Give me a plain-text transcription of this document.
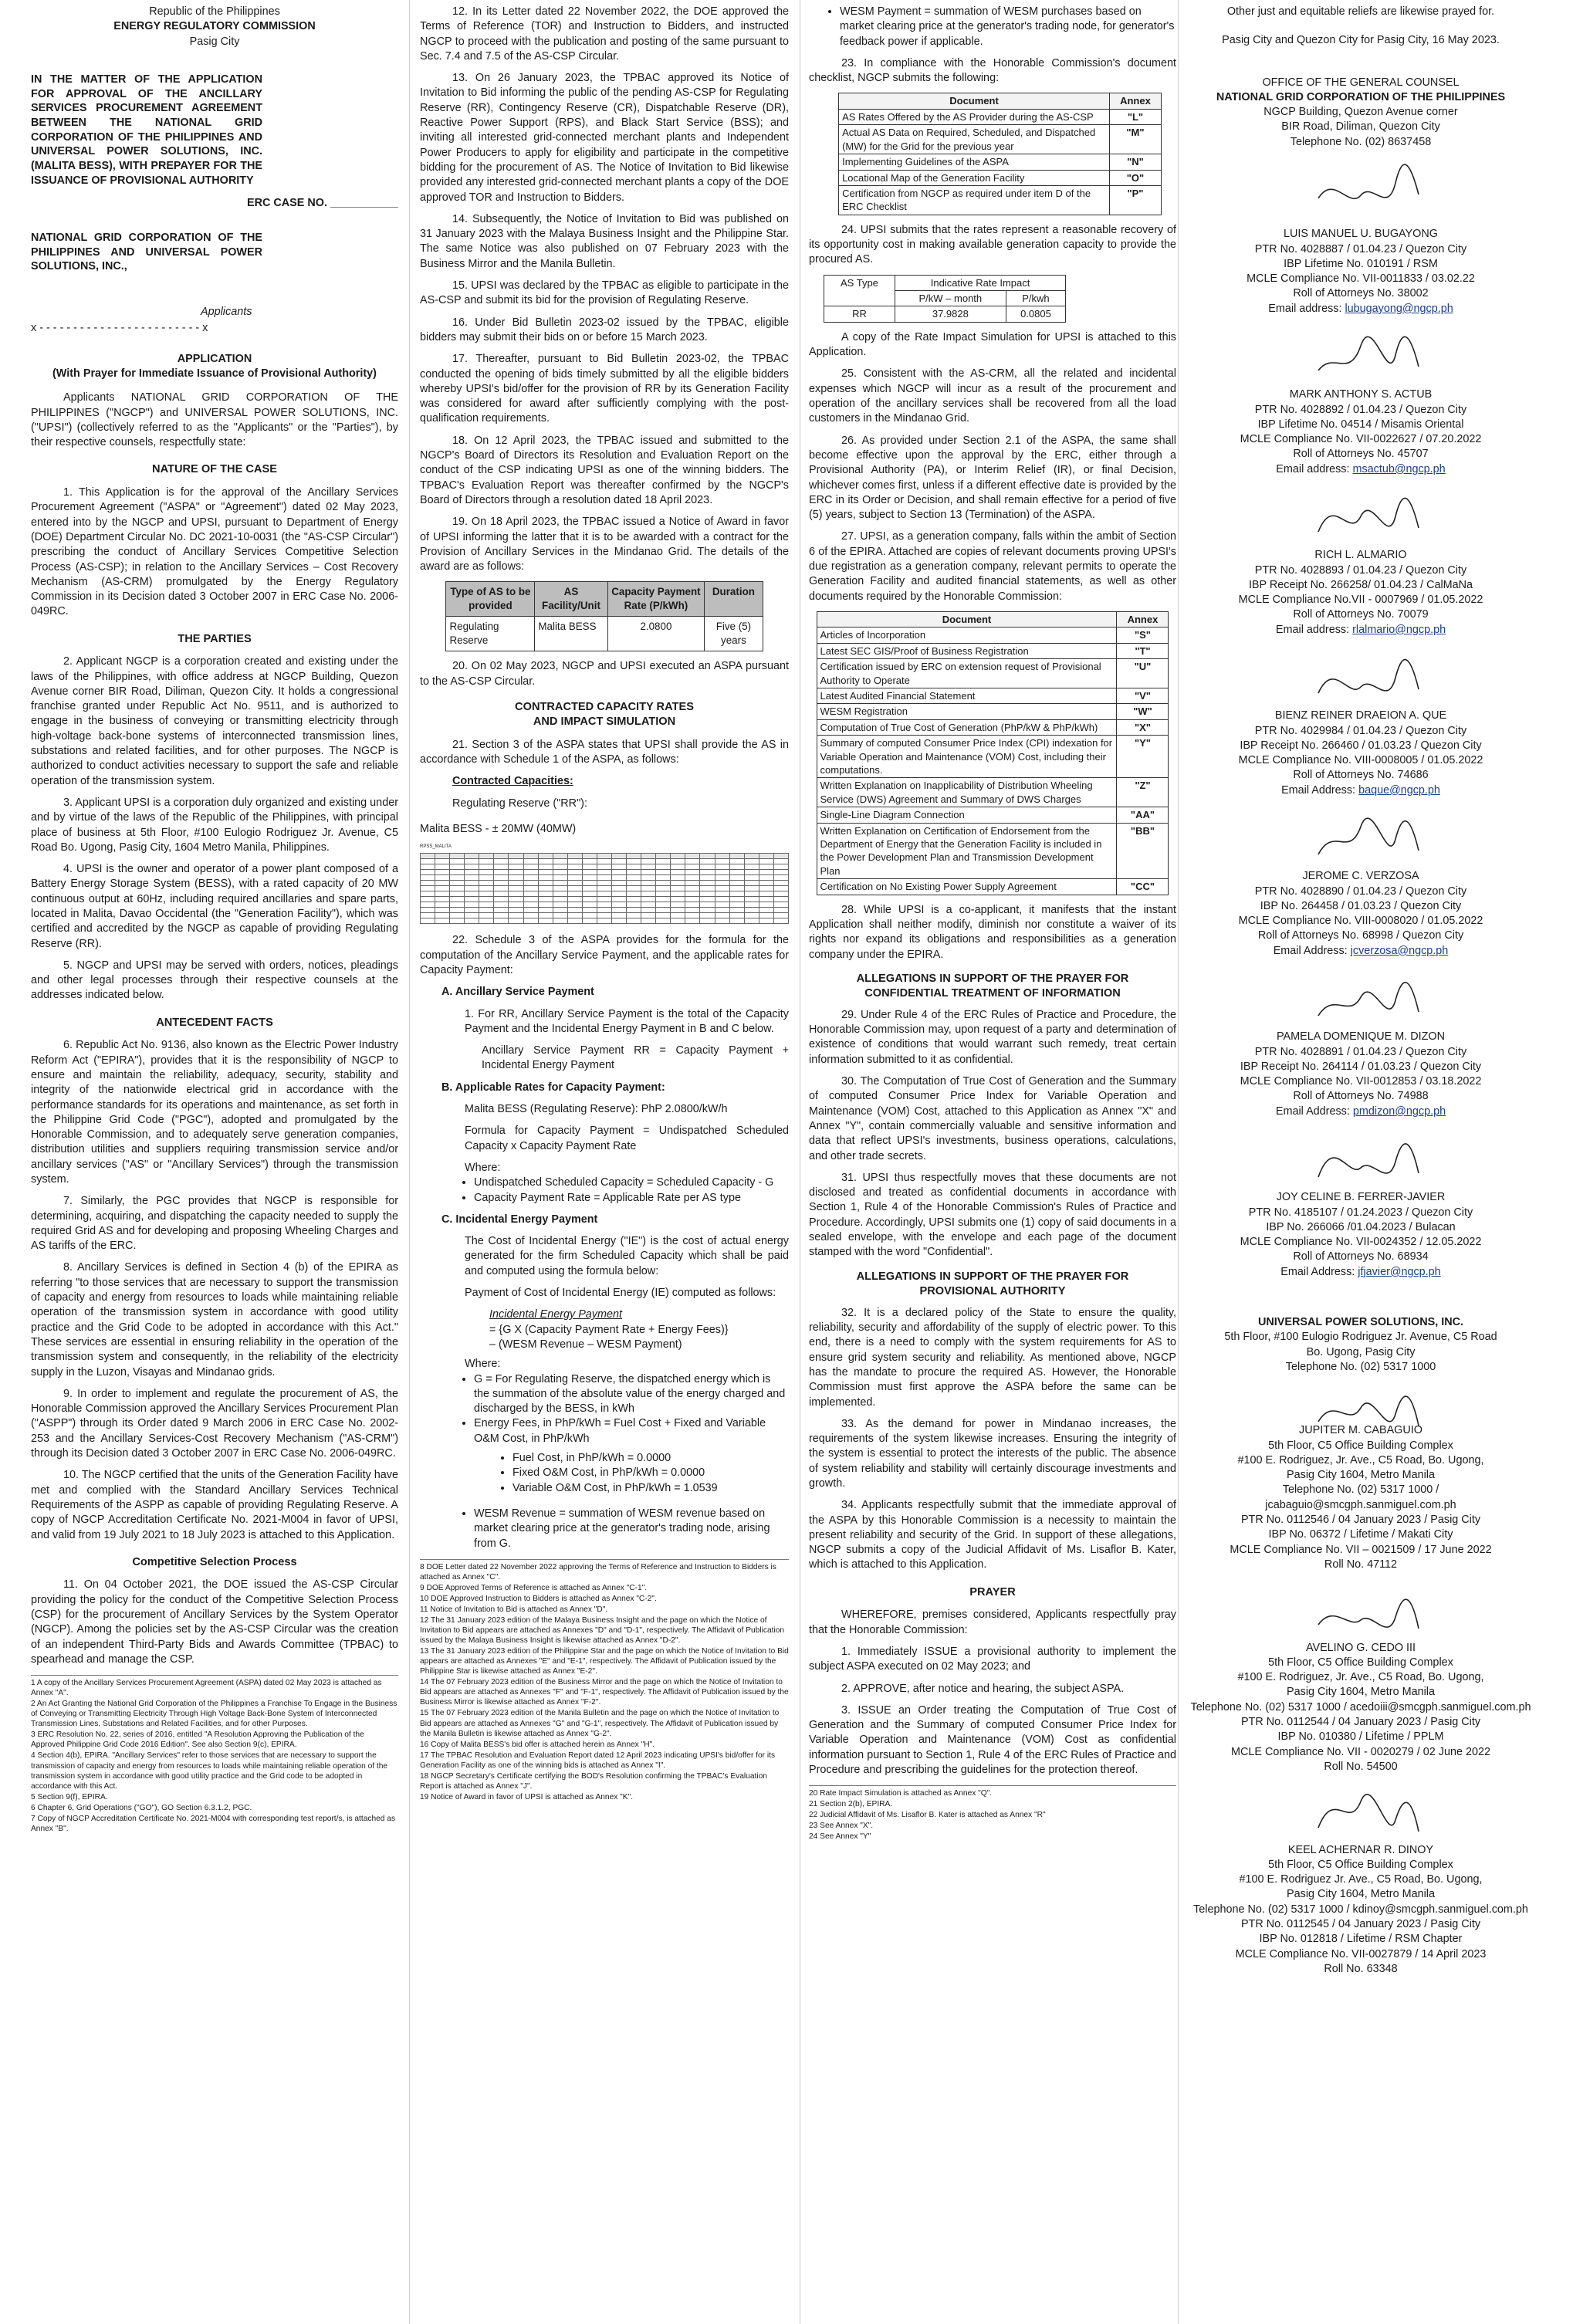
Republic of the Philippines
ENERGY REGULATORY COMMISSION
Pasig City

IN THE MATTER OF THE APPLICATION FOR APPROVAL OF THE ANCILLARY SERVICES PROCUREMENT AGREEMENT BETWEEN THE NATIONAL GRID CORPORATION OF THE PHILIPPINES AND UNIVERSAL POWER SOLUTIONS, INC. (MALITA BESS), WITH PREPAYER FOR THE ISSUANCE OF PROVISIONAL AUTHORITY

ERC CASE NO. ___________

NATIONAL GRID CORPORATION OF THE PHILIPPINES AND UNIVERSAL POWER SOLUTIONS, INC.,

Applicants
x - - - - - - - - - - - - - - - - - - - - - - - - x
APPLICATION
(With Prayer for Immediate Issuance of Provisional Authority)

Applicants NATIONAL GRID CORPORATION OF THE PHILIPPINES ("NGCP") and UNIVERSAL POWER SOLUTIONS, INC. ("UPSI") (collectively referred to as the "Applicants" or the "Parties"), by their respective counsels, respectfully state:

NATURE OF THE CASE

1. This Application is for the approval of the Ancillary Services Procurement Agreement ("ASPA" or "Agreement") dated 02 May 2023, entered into by the NGCP and UPSI, pursuant to Department of Energy (DOE) Department Circular No. DC 2021-10-0031 (the "AS-CSP Circular") prescribing the conduct of Ancillary Services Competitive Selection Process (AS-CSP); in relation to the Ancillary Services – Cost Recovery Mechanism (AS-CRM) promulgated by the Energy Regulatory Commission in its Decision dated 3 October 2007 in ERC Case No. 2006-049RC.

THE PARTIES

2. Applicant NGCP is a corporation created and existing under the laws of the Philippines, with office address at NGCP Building, Quezon Avenue corner BIR Road, Diliman, Quezon City. It holds a congressional franchise granted under Republic Act No. 9511, and is authorized to engage in the business of conveying or transmitting electricity through high-voltage back-bone systems of interconnected transmission lines, substations and related facilities, and for other purposes. The NGCP is authorized to conduct activities necessary to support the safe and reliable operation of the transmission system.

3. Applicant UPSI is a corporation duly organized and existing under and by virtue of the laws of the Republic of the Philippines, with principal place of business at 5th Floor, #100 Eulogio Rodriguez Jr. Avenue, C5 Road Bo. Ugong, Pasig City, 1604 Metro Manila, Philippines.

4. UPSI is the owner and operator of a power plant composed of a Battery Energy Storage System (BESS), with a rated capacity of 20 MW continuous output at 60Hz, including required ancillaries and spare parts, located in Malita, Davao Occidental (the "Generation Facility"), which was certified and accredited by the NGCP as capable of providing Regulating Reserve (RR).

5. NGCP and UPSI may be served with orders, notices, pleadings and other legal processes through their respective counsels at the addresses indicated below.

ANTECEDENT FACTS

6. Republic Act No. 9136, also known as the Electric Power Industry Reform Act ("EPIRA"), provides that it is the responsibility of NGCP to ensure and maintain the reliability, adequacy, security, stability and integrity of the nationwide electrical grid in accordance with the performance standards for its operations and maintenance, as set forth in the Philippine Grid Code ("PGC"), adopted and promulgated by the Honorable Commission, and to adequately serve generation companies, distribution utilities and suppliers requiring transmission service and/or ancillary services ("AS" or "Ancillary Services") through the transmission system.

7. Similarly, the PGC provides that NGCP is responsible for determining, acquiring, and dispatching the capacity needed to supply the required Grid AS and for developing and proposing Wheeling Charges and AS tariffs of the ERC.

8. Ancillary Services is defined in Section 4 (b) of the EPIRA as referring "to those services that are necessary to support the transmission of capacity and energy from resources to loads while maintaining reliable operation of the transmission system in accordance with good utility practice and the Grid Code to be adopted in accordance with this Act." These services are essential in ensuring reliability in the operation of the transmission system and consequently, in the reliability of the electricity supply in the Luzon, Visayas and Mindanao grids.

9. In order to implement and regulate the procurement of AS, the Honorable Commission approved the Ancillary Services Procurement Plan ("ASPP") through its Order dated 9 March 2006 in ERC Case No. 2002-253 and the Ancillary Services-Cost Recovery Mechanism ("AS-CRM") through its Decision dated 3 October 2007 in ERC Case No. 2006-049RC.

10. The NGCP certified that the units of the Generation Facility have met and complied with the Standard Ancillary Services Technical Requirements of the ASPP as capable of providing Regulating Reserve. A copy of NGCP Accreditation Certificate No. 2021-M004 in favor of UPSI, and valid from 19 July 2021 to 18 July 2023 is attached to this Application.

Competitive Selection Process

11. On 04 October 2021, the DOE issued the AS-CSP Circular providing the policy for the conduct of the Competitive Selection Process (CSP) for the procurement of Ancillary Services by the System Operator (NGCP). Among the policies set by the AS-CSP Circular was the creation of an independent Third-Party Bids and Awards Committee (TPBAC) to spearhead and manage the CSP.

1 A copy of the Ancillary Services Procurement Agreement (ASPA) dated 02 May 2023 is attached as Annex "A".
2 An Act Granting the National Grid Corporation of the Philippines a Franchise To Engage in the Business of Conveying or Transmitting Electricity Through High Voltage Back-Bone System of Interconnected Transmission Lines, Substations and Related Facilities, and for other Purposes.
3 ERC Resolution No. 22, series of 2016, entitled "A Resolution Approving the Publication of the Approved Philippine Grid Code 2016 Edition". See also Section 9(c), EPIRA.
4 Section 4(b), EPIRA. "Ancillary Services" refer to those services that are necessary to support the transmission of capacity and energy from resources to loads while maintaining reliable operation of the transmission system in accordance with good utility practice and the Grid code to be adopted in accordance with this Act.
5 Section 9(f), EPIRA.
6 Chapter 6, Grid Operations ("GO"), GO Section 6.3.1.2, PGC.
7 Copy of NGCP Accreditation Certificate No. 2021-M004 with corresponding test report/s, is attached as Annex "B".

12. In its Letter dated 22 November 2022, the DOE approved the Terms of Reference (TOR) and Instruction to Bidders, and instructed NGCP to proceed with the publication and posting of the same pursuant to Sec. 7.4 and 7.5 of the AS-CSP Circular.

13. On 26 January 2023, the TPBAC approved its Notice of Invitation to Bid informing the public of the pending AS-CSP for Regulating Reserve (RR), Contingency Reserve (CR), Dispatchable Reserve (DR), Reactive Power Support (RPS), and Black Start Service (BSS); and inviting all interested grid-connected merchant plants and Independent Power Producers to apply for eligibility and participate in the competitive bidding for the procurement of AS. The Notice of Invitation to Bid likewise provided any interested grid-connected merchant plants a copy of the DOE approved TOR and Instruction to Bidders.

14. Subsequently, the Notice of Invitation to Bid was published on 31 January 2023 with the Malaya Business Insight and the Philippine Star. The same Notice was also published on 07 February 2023 with the Business Mirror and the Manila Bulletin.

15. UPSI was declared by the TPBAC as eligible to participate in the AS-CSP and submit its bid for the provision of Regulating Reserve.

16. Under Bid Bulletin 2023-02 issued by the TPBAC, eligible bidders may submit their bids on or before 15 March 2023.

17. Thereafter, pursuant to Bid Bulletin 2023-02, the TPBAC conducted the opening of bids timely submitted by all the eligible bidders whereby UPSI's bid/offer for the provision of RR by its Generation Facility was considered for award after sufficiently complying with the post-qualification requirements.

18. On 12 April 2023, the TPBAC issued and submitted to the NGCP's Board of Directors its Resolution and Evaluation Report on the conduct of the CSP indicating UPSI as one of the winning bidders. The TPBAC's Evaluation Report was thereafter confirmed by the NGCP's Board of Directors through a resolution dated 18 April 2023.

19. On 18 April 2023, the TPBAC issued a Notice of Award in favor of UPSI informing the latter that it is to be awarded with a contract for the Provision of Ancillary Services in the Mindanao Grid. The details of the award are as follows:

Type of AS to be provided	AS Facility/Unit	Capacity Payment Rate (P/kWh)	Duration
Regulating Reserve	Malita BESS	2.0800	Five (5) years

20. On 02 May 2023, NGCP and UPSI executed an ASPA pursuant to the AS-CSP Circular.

CONTRACTED CAPACITY RATES AND IMPACT SIMULATION

21. Section 3 of the ASPA states that UPSI shall provide the AS in accordance with Schedule 1 of the ASPA, as follows:

Contracted Capacities:

Regulating Reserve ("RR"):

Malita BESS - ± 20MW (40MW)

RPSS_MALITA

22. Schedule 3 of the ASPA provides for the formula for the computation of the Ancillary Service Payment, and the applicable rates for Capacity Payment:

A. Ancillary Service Payment

1. For RR, Ancillary Service Payment is the total of the Capacity Payment and the Incidental Energy Payment in B and C below.

Ancillary Service Payment RR = Capacity Payment + Incidental Energy Payment

B. Applicable Rates for Capacity Payment:

Malita BESS (Regulating Reserve): PhP 2.0800/kW/h

Formula for Capacity Payment = Undispatched Scheduled Capacity x Capacity Payment Rate

Where:
• Undispatched Scheduled Capacity = Scheduled Capacity - G
• Capacity Payment Rate = Applicable Rate per AS type

C. Incidental Energy Payment

The Cost of Incidental Energy ("IE") is the cost of actual energy generated for the firm Scheduled Capacity which shall be paid and computed using the formula below:

Payment of Cost of Incidental Energy (IE) computed as follows:

Incidental Energy Payment
= {G X (Capacity Payment Rate + Energy Fees)}
– (WESM Revenue – WESM Payment)
Where:
• G = For Regulating Reserve, the dispatched energy which is the summation of the absolute value of the energy charged and discharged by the BESS, in kWh
• Energy Fees, in PhP/kWh = Fuel Cost + Fixed and Variable O&M Cost, in PhP/kWh
• Fuel Cost, in PhP/kWh = 0.0000
• Fixed O&M Cost, in PhP/kWh = 0.0000
• Variable O&M Cost, in PhP/kWh = 1.0539
• WESM Revenue = summation of WESM revenue based on market clearing price at the generator's trading node, arising from G.
8 DOE Letter dated 22 November 2022 approving the Terms of Reference and Instruction to Bidders is attached as Annex "C".
9 DOE Approved Terms of Reference is attached as Annex "C-1".
10 DOE Approved Instruction to Bidders is attached as Annex "C-2".
11 Notice of Invitation to Bid is attached as Annex "D".
12 The 31 January 2023 edition of the Malaya Business Insight and the page on which the Notice of Invitation to Bid appears are attached as Annexes "D" and "D-1", respectively. The Affidavit of Publication issued by the Malaya Business Insight is likewise attached as Annex "D-2".
13 The 31 January 2023 edition of the Philippine Star and the page on which the Notice of Invitation to Bid appears are attached as Annexes "E" and "E-1", respectively. The Affidavit of Publication issued by the Philippine Star is likewise attached as Annex "E-2".
14 The 07 February 2023 edition of the Business Mirror and the page on which the Notice of Invitation to Bid appears are attached as Annexes "F" and "F-1", respectively. The Affidavit of Publication issued by the Business Mirror is likewise attached as Annex "F-2".
15 The 07 February 2023 edition of the Manila Bulletin and the page on which the Notice of Invitation to Bid appears are attached as Annexes "G" and "G-1", respectively. The Affidavit of Publication issued by the Manila Bulletin is likewise attached as Annex "G-2".
16 Copy of Malita BESS's bid offer is attached herein as Annex "H".
17 The TPBAC Resolution and Evaluation Report dated 12 April 2023 indicating UPSI's bid/offer for its Generation Facility as one of the winning bids is attached as Annex "I".
18 NGCP Secretary's Certificate certifying the BOD's Resolution confirming the TPBAC's Evaluation Report is attached as Annex "J".
19 Notice of Award in favor of UPSI is attached as Annex "K".
• WESM Payment = summation of WESM purchases based on market clearing price at the generator's trading node, for generator's feedback power if applicable.

23. In compliance with the Honorable Commission's document checklist, NGCP submits the following:

Document	Annex
AS Rates Offered by the AS Provider during the AS-CSP	"L"
Actual AS Data on Required, Scheduled, and Dispatched (MW) for the Grid for the previous year	"M"
Implementing Guidelines of the ASPA	"N"
Locational Map of the Generation Facility	"O"
Certification from NGCP as required under item D of the ERC Checklist	"P"

24. UPSI submits that the rates represent a reasonable recovery of its opportunity cost in making available generation capacity to provide the procured AS.

AS Type	Indicative Rate Impact	
	P/kW – month	P/kwh
RR	37.9828	0.0805

A copy of the Rate Impact Simulation for UPSI is attached to this Application.

25. Consistent with the AS-CRM, all the related and incidental expenses which NGCP will incur as a result of the procurement and operation of the ancillary services shall be recovered from all the load customers in the Mindanao Grid.

26. As provided under Section 2.1 of the ASPA, the same shall become effective upon the approval by the ERC, either through a Provisional Authority (PA), or Interim Relief (IR), or final Decision, whichever comes first, unless if a different effective date is provided by the ERC in its Order or Decision, and shall remain effective for a period of five (5) years, subject to Section 13 (Termination) of the ASPA.

27. UPSI, as a generation company, falls within the ambit of Section 6 of the EPIRA. Attached are copies of relevant documents proving UPSI's due registration as a generation company, relevant permits to operate the Generation Facility and audited financial statements, as well as other documents required by the Honorable Commission:

Document	Annex
Articles of Incorporation	"S"
Latest SEC GIS/Proof of Business Registration	"T"
Certification issued by ERC on extension request of Provisional Authority to Operate	"U"
Latest Audited Financial Statement	"V"
WESM Registration	"W"
Computation of True Cost of Generation (PhP/kW & PhP/kWh)	"X"
Summary of computed Consumer Price Index (CPI) indexation for Variable Operation and Maintenance (VOM) Cost, including their computations.	"Y"
Written Explanation on Inapplicability of Distribution Wheeling Service (DWS) Agreement and Summary of DWS Charges	"Z"
Single-Line Diagram Connection	"AA"
Written Explanation on Certification of Endorsement from the Department of Energy that the Generation Facility is included in the Power Development Plan and Transmission Development Plan	"BB"
Certification on No Existing Power Supply Agreement	"CC"

28. While UPSI is a co-applicant, it manifests that the instant Application shall neither modify, diminish nor constitute a waiver of its rights nor expand its obligations and responsibilities as a generation company under the EPIRA.

ALLEGATIONS IN SUPPORT OF THE PRAYER FOR CONFIDENTIAL TREATMENT OF INFORMATION

29. Under Rule 4 of the ERC Rules of Practice and Procedure, the Honorable Commission may, upon request of a party and determination of existence of conditions that would warrant such remedy, treat certain information submitted to it as confidential.

30. The Computation of True Cost of Generation and the Summary of computed Consumer Price Index for Variable Operation and Maintenance (VOM) Cost, attached to this Application as Annex "X" and Annex "Y", contain commercially valuable and sensitive information and data that reflect UPSI's investments, business operations, calculations, and other trade secrets.

31. UPSI thus respectfully moves that these documents are not disclosed and treated as confidential documents in accordance with Section 1, Rule 4 of the Honorable Commission's Rules of Practice and Procedure. Accordingly, UPSI submits one (1) copy of said documents in a sealed envelope, with the envelope and each page of the document stamped with the word "Confidential".

ALLEGATIONS IN SUPPORT OF THE PRAYER FOR PROVISIONAL AUTHORITY

32. It is a declared policy of the State to ensure the quality, reliability, security and affordability of the supply of electric power. To this end, there is a need to comply with the system requirements for AS to ensure grid system security and reliability. As mentioned above, NGCP has the mandate to procure the required AS. However, the Honorable Commission must first approve the ASPA before the same can be implemented.

33. As the demand for power in Mindanao increases, the requirements of the system likewise increases. Ensuring the integrity of the system is essential to protect the interests of the public. The absence of system reliability and stability will certainly discourage investments and growth.

34. Applicants respectfully submit that the immediate approval of the ASPA by this Honorable Commission is a necessity to maintain the present reliability and security of the Grid. In support of these allegations, NGCP submits a copy of the Judicial Affidavit of Ms. Lisaflor B. Kater, which is attached to this Application.

PRAYER

WHEREFORE, premises considered, Applicants respectfully pray that the Honorable Commission:

1. Immediately ISSUE a provisional authority to implement the subject ASPA executed on 02 May 2023; and

2. APPROVE, after notice and hearing, the subject ASPA.

3. ISSUE an Order treating the Computation of True Cost of Generation and the Summary of computed Consumer Price Index for Variable Operation and Maintenance (VOM) Cost as confidential information pursuant to Section 1, Rule 4 of the ERC Rules of Practice and Procedure and prescribing the guidelines for the protection thereof.

20 Rate Impact Simulation is attached as Annex "Q".
21 Section 2(b), EPIRA.
22 Judicial Affidavit of Ms. Lisaflor B. Kater is attached as Annex "R"
23 See Annex "X".
24 See Annex "Y"

Other just and equitable reliefs are likewise prayed for.

Pasig City and Quezon City for Pasig City, 16 May 2023.

OFFICE OF THE GENERAL COUNSEL
NATIONAL GRID CORPORATION OF THE PHILIPPINES
NGCP Building, Quezon Avenue corner
BIR Road, Diliman, Quezon City
Telephone No. (02) 8637458
LUIS MANUEL U. BUGAYONG
PTR No. 4028887 / 01.04.23 / Quezon City
IBP Lifetime No. 010191 / RSM
MCLE Compliance No. VII-0011833 / 03.02.22
Roll of Attorneys No. 38002
Email address: lubugayong@ngcp.ph
MARK ANTHONY S. ACTUB
PTR No. 4028892 / 01.04.23 / Quezon City
IBP Lifetime No. 04514 / Misamis Oriental
MCLE Compliance No. VII-0022627 / 07.20.2022
Roll of Attorneys No. 45707
Email address: msactub@ngcp.ph
RICH L. ALMARIO
PTR No. 4028893 / 01.04.23 / Quezon City
IBP Receipt No. 266258/ 01.04.23 / CalMaNa
MCLE Compliance No.VII - 0007969 / 01.05.2022
Roll of Attorneys No. 70079
Email address: rlalmario@ngcp.ph
BIENZ REINER DRAEION A. QUE
PTR No. 4029984 / 01.04.23 / Quezon City
IBP Receipt No. 266460 / 01.03.23 / Quezon City
MCLE Compliance No. VIII-0008005 / 01.05.2022
Roll of Attorneys No. 74686
Email Address: baque@ngcp.ph
JEROME C. VERZOSA
PTR No. 4028890 / 01.04.23 / Quezon City
IBP No. 264458 / 01.03.23 / Quezon City
MCLE Compliance No. VIII-0008020 / 01.05.2022
Roll of Attorneys No. 68998 / Quezon City
Email Address: jcverzosa@ngcp.ph
PAMELA DOMENIQUE M. DIZON
PTR No. 4028891 / 01.04.23 / Quezon City
IBP Receipt No. 264114 / 01.03.23 / Quezon City
MCLE Compliance No. VII-0012853 / 03.18.2022
Roll of Attorneys No. 74988
Email Address: pmdizon@ngcp.ph
JOY CELINE B. FERRER-JAVIER
PTR No. 4185107 / 01.24.2023 / Quezon City
IBP No. 266066 /01.04.2023 / Bulacan
MCLE Compliance No. VII-0024352 / 12.05.2022
Roll of Attorneys No. 68934
Email Address: jfjavier@ngcp.ph
UNIVERSAL POWER SOLUTIONS, INC.
5th Floor, #100 Eulogio Rodriguez Jr. Avenue, C5 Road
Bo. Ugong, Pasig City
Telephone No. (02) 5317 1000
JUPITER M. CABAGUIO
5th Floor, C5 Office Building Complex
#100 E. Rodriguez, Jr. Ave., C5 Road, Bo. Ugong,
Pasig City 1604, Metro Manila
Telephone No. (02) 5317 1000 /
jcabaguio@smcgph.sanmiguel.com.ph
PTR No. 0112546 / 04 January 2023 / Pasig City
IBP No. 06372 / Lifetime / Makati City
MCLE Compliance No. VII – 0021509 / 17 June 2022
Roll No. 47112
AVELINO G. CEDO III
5th Floor, C5 Office Building Complex
#100 E. Rodriguez, Jr. Ave., C5 Road, Bo. Ugong,
Pasig City 1604, Metro Manila
Telephone No. (02) 5317 1000 / acedoiii@smcgph.sanmiguel.com.ph
PTR No. 0112544 / 04 January 2023 / Pasig City
IBP No. 010380 / Lifetime / PPLM
MCLE Compliance No. VII - 0020279 / 02 June 2022
Roll No. 54500
KEEL ACHERNAR R. DINOY
5th Floor, C5 Office Building Complex
#100 E. Rodriguez Jr. Ave., C5 Road, Bo. Ugong,
Pasig City 1604, Metro Manila
Telephone No. (02) 5317 1000 / kdinoy@smcgph.sanmiguel.com.ph
PTR No. 0112545 / 04 January 2023 / Pasig City
IBP No. 012818 / Lifetime / RSM Chapter
MCLE Compliance No. VII-0027879 / 14 April 2023
Roll No. 63348
